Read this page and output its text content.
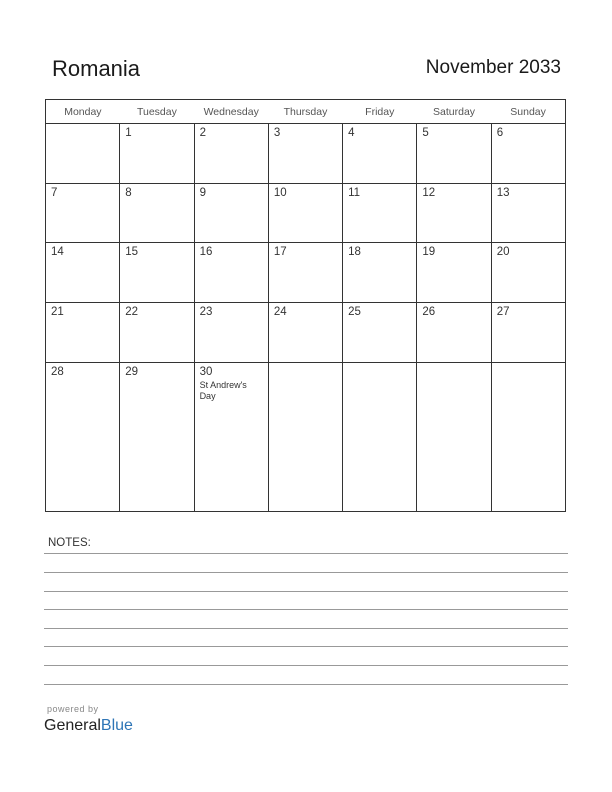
Romania	November 2033
Monday	Tuesday	Wednesday	Thursday	Friday	Saturday	Sunday

	1	2	3	4	5	6

7	8	9	10	11	12	13

14	15	16	17	18	19	20

21	22	23	24	25	26	27

28	29	30
St Andrew's Day				

NOTES:
powered by
GeneralBlue
